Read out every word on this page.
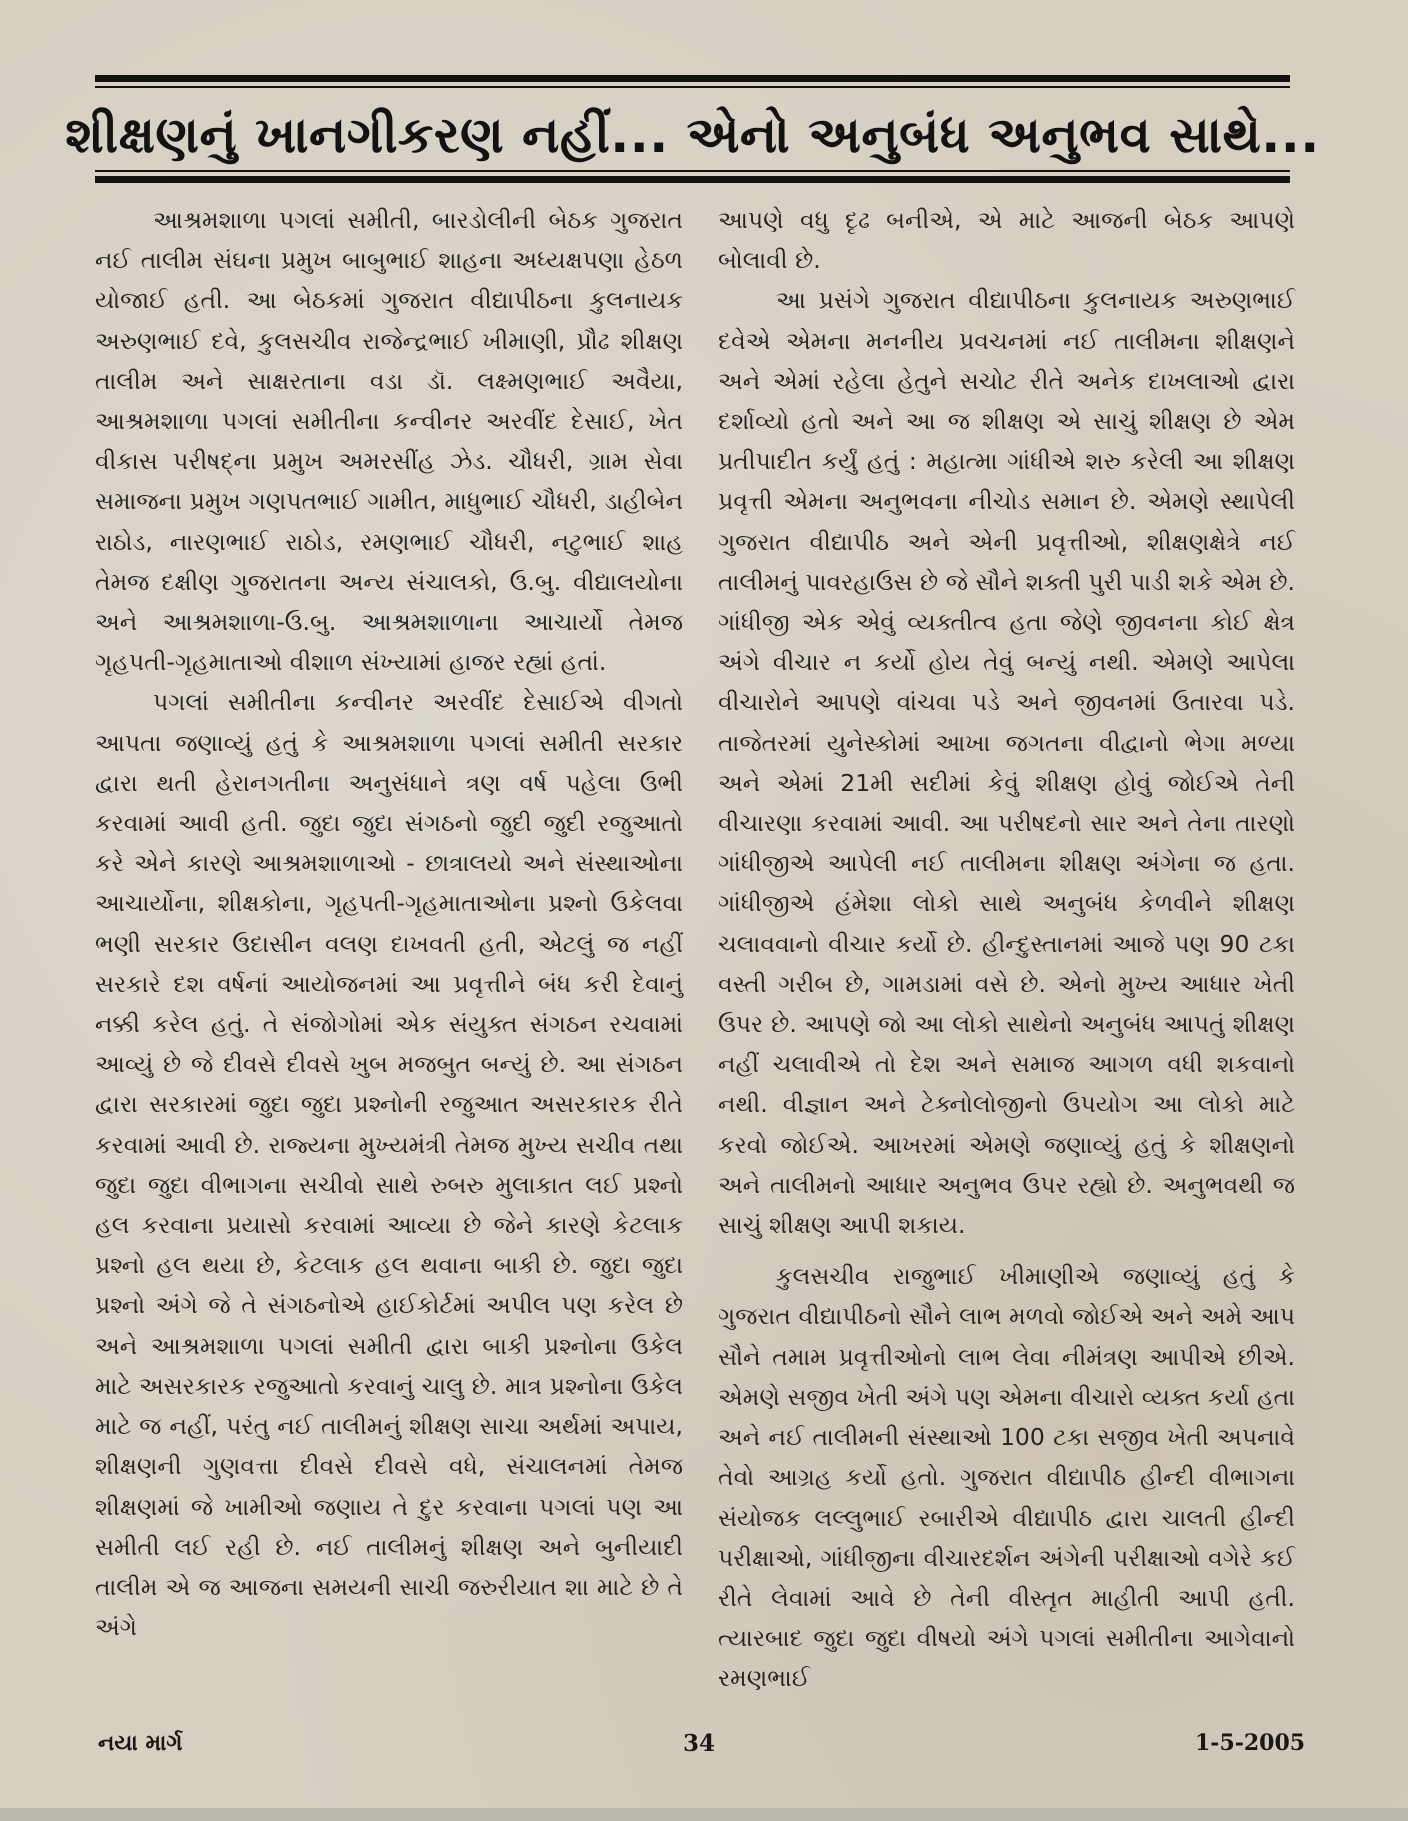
શીક્ષણનું ખાનગીકરણ નહીં... એનો અનુબંધ અનુભવ સાથે...

આશ્રમશાળા પગલાં સમીતી, બારડોલીની બેઠક ગુજરાત નઈ તાલીમ સંઘના પ્રમુખ બાબુભાઈ શાહના અધ્યક્ષપણા હેઠળ યોજાઈ હતી. આ બેઠકમાં ગુજરાત વીદ્યાપીઠના કુલનાયક અરુણભાઈ દવે, કુલસચીવ રાજેન્દ્રભાઈ ખીમાણી, પ્રૌઢ શીક્ષણ તાલીમ અને સાક્ષરતાના વડા ડૉ. લક્ષ્મણભાઈ અવૈયા, આશ્રમશાળા પગલાં સમીતીના કન્વીનર અરવીંદ દેસાઈ, ખેત વીકાસ પરીષદ્ના પ્રમુખ અમરસીંહ ઝેડ. ચૌધરી, ગ્રામ સેવા સમાજના પ્રમુખ ગણપતભાઈ ગામીત, માધુભાઈ ચૌધરી, ડાહીબેન રાઠોડ, નારણભાઈ રાઠોડ, રમણભાઈ ચૌધરી, નટુભાઈ શાહ તેમજ દક્ષીણ ગુજરાતના અન્ય સંચાલકો, ઉ.બુ. વીદ્યાલયોના અને આશ્રમશાળા-ઉ.બુ. આશ્રમશાળાના આચાર્યો તેમજ ગૃહપતી-ગૃહમાતાઓ વીશાળ સંખ્યામાં હાજર રહ્યાં હતાં.

પગલાં સમીતીના કન્વીનર અરવીંદ દેસાઈએ વીગતો આપતા જણાવ્યું હતું કે આશ્રમશાળા પગલાં સમીતી સરકાર દ્વારા થતી હેરાનગતીના અનુસંધાને ત્રણ વર્ષ પહેલા ઉભી કરવામાં આવી હતી. જુદા જુદા સંગઠનો જુદી જુદી રજુઆતો કરે એને કારણે આશ્રમશાળાઓ - છાત્રાલયો અને સંસ્થાઓના આચાર્યોના, શીક્ષકોના, ગૃહપતી-ગૃહમાતાઓના પ્રશ્નો ઉકેલવા ભણી સરકાર ઉદાસીન વલણ દાખવતી હતી, એટલું જ નહીં સરકારે દશ વર્ષનાં આયોજનમાં આ પ્રવૃત્તીને બંધ કરી દેવાનું નક્કી કરેલ હતું. તે સંજોગોમાં એક સંયુક્ત સંગઠન રચવામાં આવ્યું છે જે દીવસે દીવસે ખુબ મજબુત બન્યું છે. આ સંગઠન દ્વારા સરકારમાં જુદા જુદા પ્રશ્નોની રજુઆત અસરકારક રીતે કરવામાં આવી છે. રાજ્યના મુખ્યમંત્રી તેમજ મુખ્ય સચીવ તથા જુદા જુદા વીભાગના સચીવો સાથે રુબરુ મુલાકાત લઈ પ્રશ્નો હલ કરવાના પ્રયાસો કરવામાં આવ્યા છે જેને કારણે કેટલાક પ્રશ્નો હલ થયા છે, કેટલાક હલ થવાના બાકી છે. જુદા જુદા પ્રશ્નો અંગે જે તે સંગઠનોએ હાઈકોર્ટમાં અપીલ પણ કરેલ છે અને આશ્રમશાળા પગલાં સમીતી દ્વારા બાકી પ્રશ્નોના ઉકેલ માટે અસરકારક રજુઆતો કરવાનું ચાલુ છે. માત્ર પ્રશ્નોના ઉકેલ માટે જ નહીં, પરંતુ નઈ તાલીમનું શીક્ષણ સાચા અર્થમાં અપાય, શીક્ષણની ગુણવત્તા દીવસે દીવસે વધે, સંચાલનમાં તેમજ શીક્ષણમાં જે ખામીઓ જણાય તે દુર કરવાના પગલાં પણ આ સમીતી લઈ રહી છે. નઈ તાલીમનું શીક્ષણ અને બુનીયાદી તાલીમ એ જ આજના સમયની સાચી જરુરીયાત શા માટે છે તે અંગે

આપણે વધુ દૃઢ બનીએ, એ માટે આજની બેઠક આપણે બોલાવી છે.

આ પ્રસંગે ગુજરાત વીદ્યાપીઠના કુલનાયક અરુણભાઈ દવેએ એમના મનનીય પ્રવચનમાં નઈ તાલીમના શીક્ષણને અને એમાં રહેલા હેતુને સચોટ રીતે અનેક દાખલાઓ દ્વારા દર્શાવ્યો હતો અને આ જ શીક્ષણ એ સાચું શીક્ષણ છે એમ પ્રતીપાદીત કર્યું હતું : મહાત્મા ગાંધીએ શરુ કરેલી આ શીક્ષણ પ્રવૃત્તી એમના અનુભવના નીચોડ સમાન છે. એમણે સ્થાપેલી ગુજરાત વીદ્યાપીઠ અને એની પ્રવૃત્તીઓ, શીક્ષણક્ષેત્રે નઈ તાલીમનું પાવરહાઉસ છે જે સૌને શક્તી પુરી પાડી શકે એમ છે. ગાંધીજી એક એવું વ્યક્તીત્વ હતા જેણે જીવનના કોઈ ક્ષેત્ર અંગે વીચાર ન કર્યો હોય તેવું બન્યું નથી. એમણે આપેલા વીચારોને આપણે વાંચવા પડે અને જીવનમાં ઉતારવા પડે. તાજેતરમાં યુનેસ્કોમાં આખા જગતના વીદ્વાનો ભેગા મળ્યા અને એમાં 21મી સદીમાં કેવું શીક્ષણ હોવું જોઈએ તેની વીચારણા કરવામાં આવી. આ પરીષદનો સાર અને તેના તારણો ગાંધીજીએ આપેલી નઈ તાલીમના શીક્ષણ અંગેના જ હતા. ગાંધીજીએ હંમેશા લોકો સાથે અનુબંધ કેળવીને શીક્ષણ ચલાવવાનો વીચાર કર્યો છે. હીન્દુસ્તાનમાં આજે પણ 90 ટકા વસ્તી ગરીબ છે, ગામડામાં વસે છે. એનો મુખ્ય આધાર ખેતી ઉપર છે. આપણે જો આ લોકો સાથેનો અનુબંધ આપતું શીક્ષણ નહીં ચલાવીએ તો દેશ અને સમાજ આગળ વધી શકવાનો નથી. વીજ્ઞાન અને ટેક્નોલોજીનો ઉપયોગ આ લોકો માટે કરવો જોઈએ. આખરમાં એમણે જણાવ્યું હતું કે શીક્ષણનો અને તાલીમનો આધાર અનુભવ ઉપર રહ્યો છે. અનુભવથી જ સાચું શીક્ષણ આપી શકાય.

કુલસચીવ રાજુભાઈ ખીમાણીએ જણાવ્યું હતું કે ગુજરાત વીદ્યાપીઠનો સૌને લાભ મળવો જોઈએ અને અમે આપ સૌને તમામ પ્રવૃત્તીઓનો લાભ લેવા નીમંત્રણ આપીએ છીએ. એમણે સજીવ ખેતી અંગે પણ એમના વીચારો વ્યક્ત કર્યા હતા અને નઈ તાલીમની સંસ્થાઓ 100 ટકા સજીવ ખેતી અપનાવે તેવો આગ્રહ કર્યો હતો. ગુજરાત વીદ્યાપીઠ હીન્દી વીભાગના સંયોજક લલ્લુભાઈ રબારીએ વીદ્યાપીઠ દ્વારા ચાલતી હીન્દી પરીક્ષાઓ, ગાંધીજીના વીચારદર્શન અંગેની પરીક્ષાઓ વગેરે કઈ રીતે લેવામાં આવે છે તેની વીસ્તૃત માહીતી આપી હતી. ત્યારબાદ જુદા જુદા વીષયો અંગે પગલાં સમીતીના આગેવાનો રમણભાઈ

નયા માર્ગ	34	1-5-2005
